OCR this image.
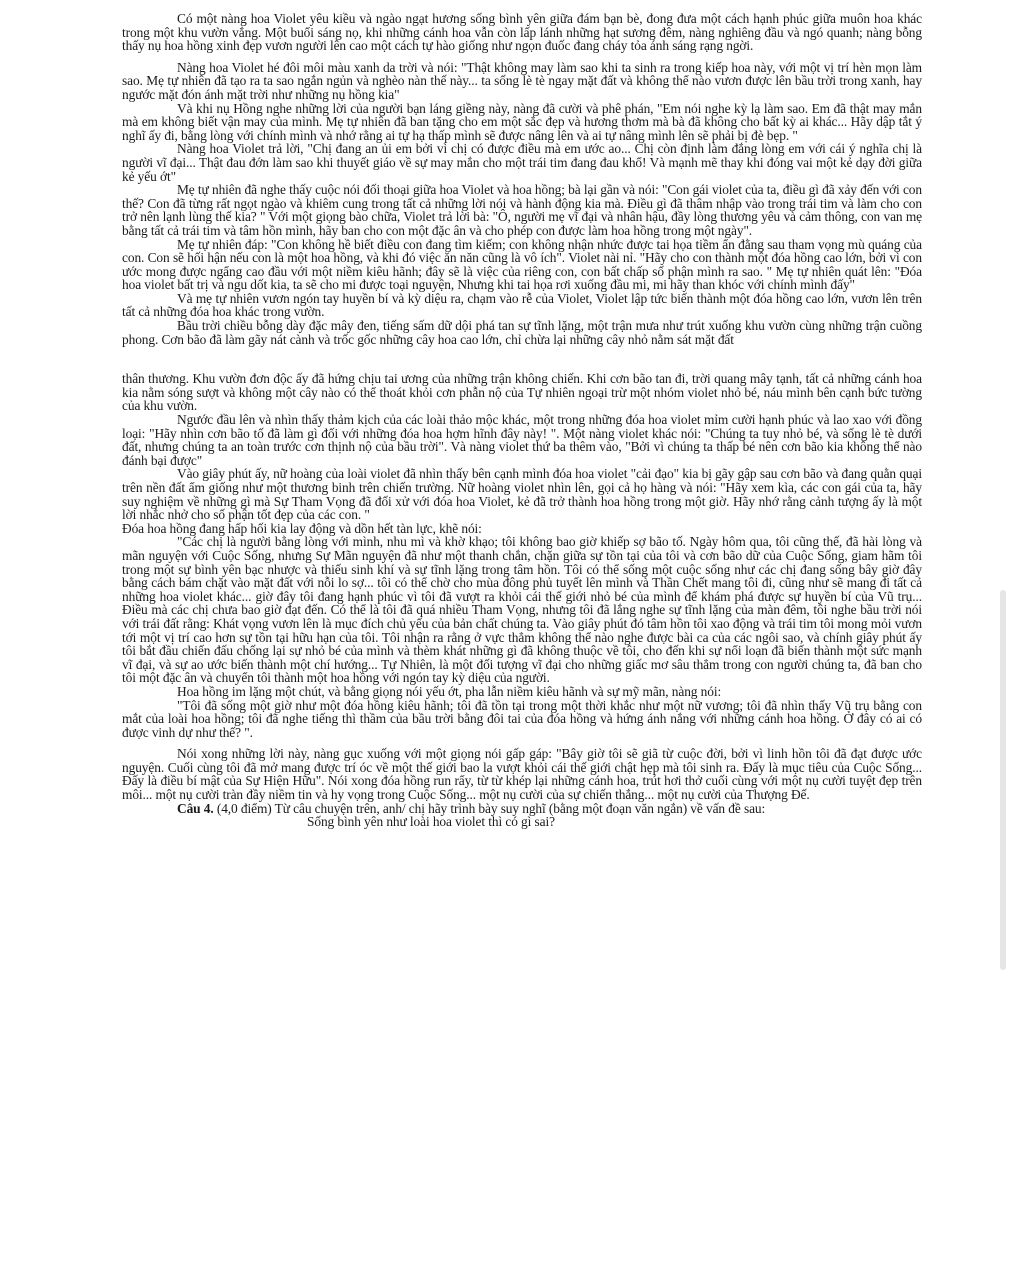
Có một nàng hoa Violet yêu kiều và ngào ngạt hương sống bình yên giữa đám bạn bè, đong đưa một cách hạnh phúc giữa muôn hoa khác trong một khu vườn vắng. Một buổi sáng nọ, khi những cánh hoa vẫn còn lấp lánh những hạt sương đêm, nàng nghiêng đầu và ngó quanh; nàng bỗng thấy nụ hoa hồng xinh đẹp vươn người lên cao một cách tự hào giống như ngọn đuốc đang cháy tỏa ánh sáng rạng ngời.

Nàng hoa Violet hé đôi môi màu xanh da trời và nói: "Thật không may làm sao khi ta sinh ra trong kiếp hoa này, với một vị trí hèn mọn làm sao. Mẹ tự nhiên đã tạo ra ta sao ngắn ngủn và nghèo nàn thế này... ta sống lè tè ngay mặt đất và không thể nào vươn được lên bầu trời trong xanh, hay ngước mặt đón ánh mặt trời như những nụ hồng kia"

Và khi nụ Hồng nghe những lời của người bạn láng giềng này, nàng đã cười và phê phán, "Em nói nghe kỳ lạ làm sao. Em đã thật may mắn mà em không biết vận may của mình. Mẹ tự nhiên đã ban tặng cho em một sắc đẹp và hương thơm mà bà đã không cho bất kỳ ai khác... Hãy dập tắt ý nghĩ ấy đi, bằng lòng với chính mình và nhớ rằng ai tự hạ thấp mình sẽ được nâng lên và ai tự nâng mình lên sẽ phải bị đè bẹp. "

Nàng hoa Violet trả lời, "Chị đang an ủi em bởi vì chị có được điều mà em ước ao... Chị còn định làm đắng lòng em với cái ý nghĩa chị là người vĩ đại... Thật đau đớn làm sao khi thuyết giáo về sự may mắn cho một trái tim đang đau khổ! Và mạnh mẽ thay khi đóng vai một kẻ dạy đời giữa kẻ yếu ớt"

Mẹ tự nhiên đã nghe thấy cuộc nói đối thoại giữa hoa Violet và hoa hồng; bà lại gần và nói: "Con gái violet của ta, điều gì đã xảy đến với con thế? Con đã từng rất ngọt ngào và khiêm cung trong tất cả những lời nói và hành động kia mà. Điều gì đã thâm nhập vào trong trái tim và làm cho con trở nên lạnh lùng thế kia? " Với một giọng bào chữa, Violet trả lời bà: "Ô, người mẹ vĩ đại và nhân hậu, đầy lòng thương yêu và cảm thông, con van mẹ bằng tất cả trái tim và tâm hồn mình, hãy ban cho con một đặc ân và cho phép con được làm hoa hồng trong một ngày".

Mẹ tự nhiên đáp: "Con không hề biết điều con đang tìm kiếm; con không nhận nhức được tai họa tiềm ẩn đằng sau tham vọng mù quáng của con. Con sẽ hối hận nếu con là một hoa hồng, và khi đó việc ăn năn cũng là vô ích". Violet nài nỉ. "Hãy cho con thành một đóa hồng cao lớn, bởi vì con ước mong được ngẩng cao đầu với một niềm kiêu hãnh; đây sẽ là việc của riêng con, con bất chấp số phận mình ra sao. " Mẹ tự nhiên quát lên: "Đóa hoa violet bất trị và ngu dốt kia, ta sẽ cho mi được toại nguyện, Nhưng khi tai họa rơi xuống đầu mi, mi hãy than khóc với chính mình đấy"

Và mẹ tự nhiên vươn ngón tay huyền bí và kỳ diệu ra, chạm vào rễ của Violet, Violet lập tức biến thành một đóa hồng cao lớn, vươn lên trên tất cả những đóa hoa khác trong vườn.

Bầu trời chiều bỗng dày đặc mây đen, tiếng sấm dữ dội phá tan sự tĩnh lặng, một trận mưa như trút xuống khu vườn cùng những trận cuồng phong. Cơn bão đã làm gãy nát cành và trốc gốc những cây hoa cao lớn, chỉ chừa lại những cây nhỏ nằm sát mặt đất

thân thương. Khu vườn đơn độc ấy đã hứng chịu tai ương của những trận không chiến. Khi cơn bão tan đi, trời quang mây tạnh, tất cả những cánh hoa kia nằm sóng sượt và không một cây nào có thể thoát khỏi cơn phẫn nộ của Tự nhiên ngoại trừ một nhóm violet nhỏ bé, náu mình bên cạnh bức tường của khu vườn.

Ngước đầu lên và nhìn thấy thảm kịch của các loài thảo mộc khác, một trong những đóa hoa violet mỉm cười hạnh phúc và lao xao với đồng loại: "Hãy nhìn cơn bão tố đã làm gì đối với những đóa hoa hợm hĩnh đây này! ". Một nàng violet khác nói: "Chúng ta tuy nhỏ bé, và sống lè tè dưới đất, nhưng chúng ta an toàn trước cơn thịnh nộ của bầu trời". Và nàng violet thứ ba thêm vào, "Bởi vì chúng ta thấp bé nên cơn bão kia không thể nào đánh bại được"

Vào giây phút ấy, nữ hoàng của loài violet đã nhìn thấy bên cạnh mình đóa hoa violet "cải đạo" kia bị gãy gập sau cơn bão và đang quằn quại trên nền đất ẩm giống như một thương binh trên chiến trường. Nữ hoàng violet nhìn lên, gọi cả họ hàng và nói: "Hãy xem kìa, các con gái của ta, hãy suy nghiệm về những gì mà Sự Tham Vọng đã đối xử với đóa hoa Violet, kẻ đã trở thành hoa hồng trong một giờ. Hãy nhớ rằng cảnh tượng ấy là một lời nhắc nhở cho số phận tốt đẹp của các con. "

Đóa hoa hồng đang hấp hối kia lay động và dồn hết tàn lực, khẽ nói:

"Các chị là người bằng lòng với mình, nhu mì và khờ khạo; tôi không bao giờ khiếp sợ bão tố. Ngày hôm qua, tôi cũng thế, đã hài lòng và mãn nguyện với Cuộc Sống, nhưng Sự Mãn nguyện đã như một thanh chắn, chặn giữa sự tồn tại của tôi và cơn bão dữ của Cuộc Sống, giam hãm tôi trong một sự bình yên bạc nhược và thiếu sinh khí và sự tĩnh lặng trong tâm hồn. Tôi có thể sống một cuộc sống như các chị đang sống bây giờ đây bằng cách bám chặt vào mặt đất với nỗi lo sợ... tôi có thể chờ cho mùa đông phủ tuyết lên mình và Thần Chết mang tôi đi, cũng như sẽ mang đi tất cả những hoa violet khác... giờ đây tôi đang hạnh phúc vì tôi đã vượt ra khỏi cái thế giới nhỏ bé của mình để khám phá được sự huyền bí của Vũ trụ... Điều mà các chị chưa bao giờ đạt đến. Có thể là tôi đã quá nhiều Tham Vọng, nhưng tôi đã lắng nghe sự tĩnh lặng của màn đêm, tôi nghe bầu trời nói với trái đất rằng: Khát vọng vươn lên là mục đích chủ yếu của bản chất chúng ta. Vào giây phút đó tâm hồn tôi xao động và trái tim tôi mong mỏi vươn tới một vị trí cao hơn sự tồn tại hữu hạn của tôi. Tôi nhận ra rằng ở vực thẳm không thể nào nghe được bài ca của các ngôi sao, và chính giây phút ấy tôi bắt đầu chiến đấu chống lại sự nhỏ bé của mình và thèm khát những gì đã không thuộc về tôi, cho đến khi sự nổi loạn đã biến thành một sức mạnh vĩ đại, và sự ao ước biến thành một chí hướng... Tự Nhiên, là một đối tượng vĩ đại cho những giấc mơ sâu thẳm trong con người chúng ta, đã ban cho tôi một đặc ân và chuyển tôi thành một hoa hồng với ngón tay kỳ diệu của người.

Hoa hồng im lặng một chút, và bằng giọng nói yếu ớt, pha lẫn niềm kiêu hãnh và sự mỹ mãn, nàng nói:

"Tôi đã sống một giờ như một đóa hồng kiêu hãnh; tôi đã tồn tại trong một thời khắc như một nữ vương; tôi đã nhìn thấy Vũ trụ bằng con mắt của loài hoa hồng; tôi đã nghe tiếng thì thầm của bầu trời bằng đôi tai của đóa hồng và hứng ánh nắng với những cánh hoa hồng. Ở đây có ai có được vinh dự như thế? ".

Nói xong những lời này, nàng gục xuống với một giọng nói gấp gáp: "Bây giờ tôi sẽ giã từ cuộc đời, bởi vì linh hồn tôi đã đạt được ước nguyện. Cuối cùng tôi đã mở mang được trí óc về một thế giới bao la vượt khỏi cái thế giới chật hẹp mà tôi sinh ra. Đấy là mục tiêu của Cuộc Sống... Đấy là điều bí mật của Sự Hiện Hữu". Nói xong đóa hồng run rẩy, từ từ khép lại những cánh hoa, trút hơi thở cuối cùng với một nụ cười tuyệt đẹp trên môi... một nụ cười tràn đầy niềm tin và hy vọng trong Cuộc Sống... một nụ cười của sự chiến thắng... một nụ cười của Thượng Đế.

Câu 4. (4,0 điểm) Từ câu chuyện trên, anh/ chị hãy trình bày suy nghĩ (bằng một đoạn văn ngắn) về vấn đề sau:

Sống bình yên như loài hoa violet thì có gì sai?
